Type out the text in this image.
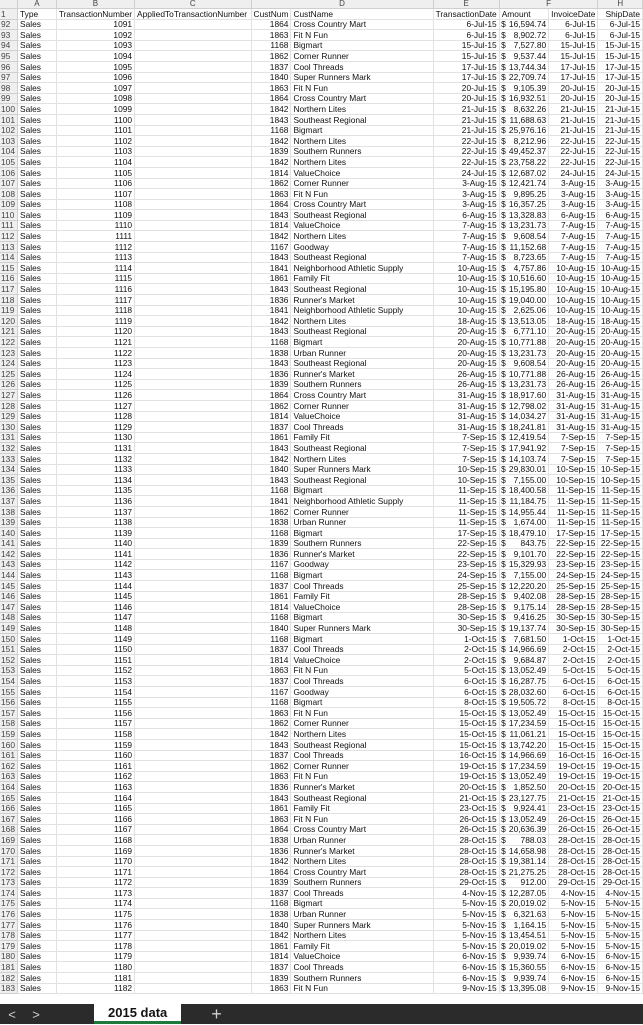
	A	B	C	D		E	F			H
1	Type	TransactionNumber	AppliedToTransactionNumber	CustNum	CustName	TransactionDate	Amount		InvoiceDate	ShipDate
92	Sales	1091		1864	Cross Country Mart	6-Jul-15	$	16,594.74	6-Jul-15	6-Jul-15
93	Sales	1092		1863	Fit N Fun	6-Jul-15	$	8,902.72	6-Jul-15	6-Jul-15
94	Sales	1093		1168	Bigmart	15-Jul-15	$	7,527.80	15-Jul-15	15-Jul-15
95	Sales	1094		1862	Corner Runner	15-Jul-15	$	9,537.44	15-Jul-15	15-Jul-15
96	Sales	1095		1837	Cool Threads	17-Jul-15	$	13,744.34	17-Jul-15	17-Jul-15
97	Sales	1096		1840	Super Runners Mark	17-Jul-15	$	22,709.74	17-Jul-15	17-Jul-15
98	Sales	1097		1863	Fit N Fun	20-Jul-15	$	9,105.39	20-Jul-15	20-Jul-15
99	Sales	1098		1864	Cross Country Mart	20-Jul-15	$	16,932.51	20-Jul-15	20-Jul-15
100	Sales	1099		1842	Northern Lites	21-Jul-15	$	8,632.26	21-Jul-15	21-Jul-15
101	Sales	1100		1843	Southeast Regional	21-Jul-15	$	11,688.63	21-Jul-15	21-Jul-15
102	Sales	1101		1168	Bigmart	21-Jul-15	$	25,976.16	21-Jul-15	21-Jul-15
103	Sales	1102		1842	Northern Lites	22-Jul-15	$	8,212.96	22-Jul-15	22-Jul-15
104	Sales	1103		1839	Southern Runners	22-Jul-15	$	49,452.37	22-Jul-15	22-Jul-15
105	Sales	1104		1842	Northern Lites	22-Jul-15	$	23,758.22	22-Jul-15	22-Jul-15
106	Sales	1105		1814	ValueChoice	24-Jul-15	$	12,687.02	24-Jul-15	24-Jul-15
107	Sales	1106		1862	Corner Runner	3-Aug-15	$	12,421.74	3-Aug-15	3-Aug-15
108	Sales	1107		1863	Fit N Fun	3-Aug-15	$	9,895.25	3-Aug-15	3-Aug-15
109	Sales	1108		1864	Cross Country Mart	3-Aug-15	$	16,357.25	3-Aug-15	3-Aug-15
110	Sales	1109		1843	Southeast Regional	6-Aug-15	$	13,328.83	6-Aug-15	6-Aug-15
111	Sales	1110		1814	ValueChoice	7-Aug-15	$	13,231.73	7-Aug-15	7-Aug-15
112	Sales	1111		1842	Northern Lites	7-Aug-15	$	9,608.54	7-Aug-15	7-Aug-15
113	Sales	1112		1167	Goodway	7-Aug-15	$	11,152.68	7-Aug-15	7-Aug-15
114	Sales	1113		1843	Southeast Regional	7-Aug-15	$	8,723.65	7-Aug-15	7-Aug-15
115	Sales	1114		1841	Neighborhood Athletic Supply	10-Aug-15	$	4,757.86	10-Aug-15	10-Aug-15
116	Sales	1115		1861	Family Fit	10-Aug-15	$	10,516.60	10-Aug-15	10-Aug-15
117	Sales	1116		1843	Southeast Regional	10-Aug-15	$	15,195.80	10-Aug-15	10-Aug-15
118	Sales	1117		1836	Runner's Market	10-Aug-15	$	19,040.00	10-Aug-15	10-Aug-15
119	Sales	1118		1841	Neighborhood Athletic Supply	10-Aug-15	$	2,625.06	10-Aug-15	10-Aug-15
120	Sales	1119		1842	Northern Lites	18-Aug-15	$	13,513.05	18-Aug-15	18-Aug-15
121	Sales	1120		1843	Southeast Regional	20-Aug-15	$	6,771.10	20-Aug-15	20-Aug-15
122	Sales	1121		1168	Bigmart	20-Aug-15	$	10,771.88	20-Aug-15	20-Aug-15
123	Sales	1122		1838	Urban Runner	20-Aug-15	$	13,231.73	20-Aug-15	20-Aug-15
124	Sales	1123		1843	Southeast Regional	20-Aug-15	$	9,608.54	20-Aug-15	20-Aug-15
125	Sales	1124		1836	Runner's Market	26-Aug-15	$	10,771.88	26-Aug-15	26-Aug-15
126	Sales	1125		1839	Southern Runners	26-Aug-15	$	13,231.73	26-Aug-15	26-Aug-15
127	Sales	1126		1864	Cross Country Mart	31-Aug-15	$	18,917.60	31-Aug-15	31-Aug-15
128	Sales	1127		1862	Corner Runner	31-Aug-15	$	12,798.02	31-Aug-15	31-Aug-15
129	Sales	1128		1814	ValueChoice	31-Aug-15	$	14,034.27	31-Aug-15	31-Aug-15
130	Sales	1129		1837	Cool Threads	31-Aug-15	$	18,241.81	31-Aug-15	31-Aug-15
131	Sales	1130		1861	Family Fit	7-Sep-15	$	12,419.54	7-Sep-15	7-Sep-15
132	Sales	1131		1843	Southeast Regional	7-Sep-15	$	17,941.92	7-Sep-15	7-Sep-15
133	Sales	1132		1842	Northern Lites	7-Sep-15	$	14,103.74	7-Sep-15	7-Sep-15
134	Sales	1133		1840	Super Runners Mark	10-Sep-15	$	29,830.01	10-Sep-15	10-Sep-15
135	Sales	1134		1843	Southeast Regional	10-Sep-15	$	7,155.00	10-Sep-15	10-Sep-15
136	Sales	1135		1168	Bigmart	11-Sep-15	$	18,400.58	11-Sep-15	11-Sep-15
137	Sales	1136		1841	Neighborhood Athletic Supply	11-Sep-15	$	11,184.75	11-Sep-15	11-Sep-15
138	Sales	1137		1862	Corner Runner	11-Sep-15	$	14,955.44	11-Sep-15	11-Sep-15
139	Sales	1138		1838	Urban Runner	11-Sep-15	$	1,674.00	11-Sep-15	11-Sep-15
140	Sales	1139		1168	Bigmart	17-Sep-15	$	18,479.10	17-Sep-15	17-Sep-15
141	Sales	1140		1839	Southern Runners	22-Sep-15	$	843.75	22-Sep-15	22-Sep-15
142	Sales	1141		1836	Runner's Market	22-Sep-15	$	9,101.70	22-Sep-15	22-Sep-15
143	Sales	1142		1167	Goodway	23-Sep-15	$	15,329.93	23-Sep-15	23-Sep-15
144	Sales	1143		1168	Bigmart	24-Sep-15	$	7,155.00	24-Sep-15	24-Sep-15
145	Sales	1144		1837	Cool Threads	25-Sep-15	$	12,220.20	25-Sep-15	25-Sep-15
146	Sales	1145		1861	Family Fit	28-Sep-15	$	9,402.08	28-Sep-15	28-Sep-15
147	Sales	1146		1814	ValueChoice	28-Sep-15	$	9,175.14	28-Sep-15	28-Sep-15
148	Sales	1147		1168	Bigmart	30-Sep-15	$	9,416.25	30-Sep-15	30-Sep-15
149	Sales	1148		1840	Super Runners Mark	30-Sep-15	$	19,137.74	30-Sep-15	30-Sep-15
150	Sales	1149		1168	Bigmart	1-Oct-15	$	7,681.50	1-Oct-15	1-Oct-15
151	Sales	1150		1837	Cool Threads	2-Oct-15	$	14,966.69	2-Oct-15	2-Oct-15
152	Sales	1151		1814	ValueChoice	2-Oct-15	$	9,684.87	2-Oct-15	2-Oct-15
153	Sales	1152		1863	Fit N Fun	5-Oct-15	$	13,052.49	5-Oct-15	5-Oct-15
154	Sales	1153		1837	Cool Threads	6-Oct-15	$	16,287.75	6-Oct-15	6-Oct-15
155	Sales	1154		1167	Goodway	6-Oct-15	$	28,032.60	6-Oct-15	6-Oct-15
156	Sales	1155		1168	Bigmart	8-Oct-15	$	19,505.72	8-Oct-15	8-Oct-15
157	Sales	1156		1863	Fit N Fun	15-Oct-15	$	13,052.49	15-Oct-15	15-Oct-15
158	Sales	1157		1862	Corner Runner	15-Oct-15	$	17,234.59	15-Oct-15	15-Oct-15
159	Sales	1158		1842	Northern Lites	15-Oct-15	$	11,061.21	15-Oct-15	15-Oct-15
160	Sales	1159		1843	Southeast Regional	15-Oct-15	$	13,742.20	15-Oct-15	15-Oct-15
161	Sales	1160		1837	Cool Threads	16-Oct-15	$	14,966.69	16-Oct-15	16-Oct-15
162	Sales	1161		1862	Corner Runner	19-Oct-15	$	17,234.59	19-Oct-15	19-Oct-15
163	Sales	1162		1863	Fit N Fun	19-Oct-15	$	13,052.49	19-Oct-15	19-Oct-15
164	Sales	1163		1836	Runner's Market	20-Oct-15	$	1,852.50	20-Oct-15	20-Oct-15
165	Sales	1164		1843	Southeast Regional	21-Oct-15	$	23,127.75	21-Oct-15	21-Oct-15
166	Sales	1165		1861	Family Fit	23-Oct-15	$	9,924.41	23-Oct-15	23-Oct-15
167	Sales	1166		1863	Fit N Fun	26-Oct-15	$	13,052.49	26-Oct-15	26-Oct-15
168	Sales	1167		1864	Cross Country Mart	26-Oct-15	$	20,636.39	26-Oct-15	26-Oct-15
169	Sales	1168		1838	Urban Runner	28-Oct-15	$	788.03	28-Oct-15	28-Oct-15
170	Sales	1169		1836	Runner's Market	28-Oct-15	$	14,658.98	28-Oct-15	28-Oct-15
171	Sales	1170		1842	Northern Lites	28-Oct-15	$	19,381.14	28-Oct-15	28-Oct-15
172	Sales	1171		1864	Cross Country Mart	28-Oct-15	$	21,275.25	28-Oct-15	28-Oct-15
173	Sales	1172		1839	Southern Runners	29-Oct-15	$	912.00	29-Oct-15	29-Oct-15
174	Sales	1173		1837	Cool Threads	4-Nov-15	$	12,287.05	4-Nov-15	4-Nov-15
175	Sales	1174		1168	Bigmart	5-Nov-15	$	20,019.02	5-Nov-15	5-Nov-15
176	Sales	1175		1838	Urban Runner	5-Nov-15	$	6,321.63	5-Nov-15	5-Nov-15
177	Sales	1176		1840	Super Runners Mark	5-Nov-15	$	1,164.15	5-Nov-15	5-Nov-15
178	Sales	1177		1842	Northern Lites	5-Nov-15	$	13,454.51	5-Nov-15	5-Nov-15
179	Sales	1178		1861	Family Fit	5-Nov-15	$	20,019.02	5-Nov-15	5-Nov-15
180	Sales	1179		1814	ValueChoice	6-Nov-15	$	9,939.74	6-Nov-15	6-Nov-15
181	Sales	1180		1837	Cool Threads	6-Nov-15	$	15,360.55	6-Nov-15	6-Nov-15
182	Sales	1181		1839	Southern Runners	6-Nov-15	$	9,939.74	6-Nov-15	6-Nov-15
183	Sales	1182		1863	Fit N Fun	9-Nov-15	$	13,395.08	9-Nov-15	9-Nov-15
<	>	2015 data	+
